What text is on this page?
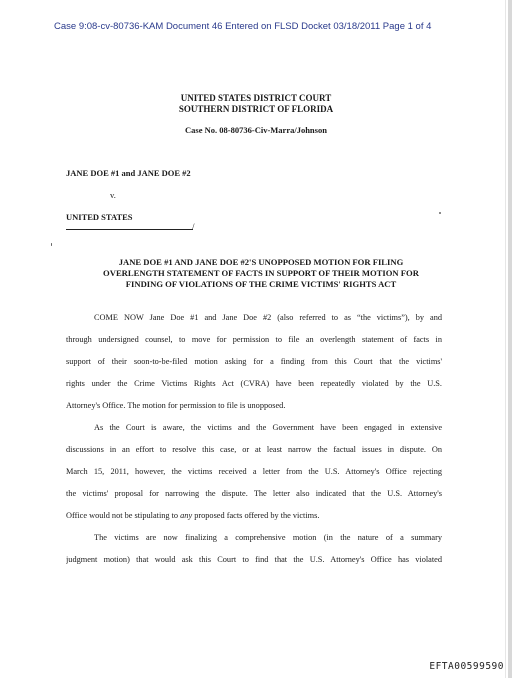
Case 9:08-cv-80736-KAM Document 46 Entered on FLSD Docket 03/18/2011 Page 1 of 4
UNITED STATES DISTRICT COURT
SOUTHERN DISTRICT OF FLORIDA
Case No. 08-80736-Civ-Marra/Johnson
JANE DOE #1 and JANE DOE #2
v.
UNITED STATES
/
JANE DOE #1 AND JANE DOE #2'S UNOPPOSED MOTION FOR FILING
OVERLENGTH STATEMENT OF FACTS IN SUPPORT OF THEIR MOTION FOR
FINDING OF VIOLATIONS OF THE CRIME VICTIMS' RIGHTS ACT
COME NOW Jane Doe #1 and Jane Doe #2 (also referred to as “the victims”), by and
through undersigned counsel, to move for permission to file an overlength statement of facts in
support of their soon-to-be-filed motion asking for a finding from this Court that the victims'
rights under the Crime Victims Rights Act (CVRA) have been repeatedly violated by the U.S.
Attorney's Office. The motion for permission to file is unopposed.
As the Court is aware, the victims and the Government have been engaged in extensive
discussions in an effort to resolve this case, or at least narrow the factual issues in dispute. On
March 15, 2011, however, the victims received a letter from the U.S. Attorney's Office rejecting
the victims' proposal for narrowing the dispute. The letter also indicated that the U.S. Attorney's
Office would not be stipulating to any proposed facts offered by the victims.
The victims are now finalizing a comprehensive motion (in the nature of a summary
judgment motion) that would ask this Court to find that the U.S. Attorney's Office has violated
EFTA00599590
